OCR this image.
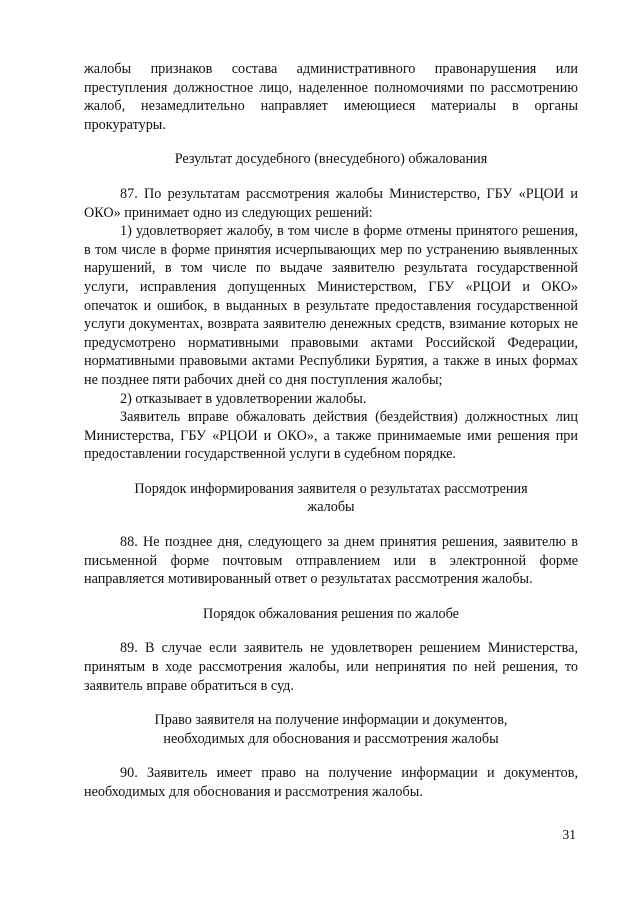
жалобы признаков состава административного правонарушения или преступления должностное лицо, наделенное полномочиями по рассмотрению жалоб, незамедлительно направляет имеющиеся материалы в органы прокуратуры.

Результат досудебного (внесудебного) обжалования

87. По результатам рассмотрения жалобы Министерство, ГБУ «РЦОИ и ОКО» принимает одно из следующих решений:

1) удовлетворяет жалобу, в том числе в форме отмены принятого решения, в том числе в форме принятия исчерпывающих мер по устранению выявленных нарушений, в том числе по выдаче заявителю результата государственной услуги, исправления допущенных Министерством, ГБУ «РЦОИ и ОКО» опечаток и ошибок, в выданных в результате предоставления государственной услуги документах, возврата заявителю денежных средств, взимание которых не предусмотрено нормативными правовыми актами Российской Федерации, нормативными правовыми актами Республики Бурятия, а также в иных формах не позднее пяти рабочих дней со дня поступления жалобы;

2) отказывает в удовлетворении жалобы.

Заявитель вправе обжаловать действия (бездействия) должностных лиц Министерства, ГБУ «РЦОИ и ОКО», а также принимаемые ими решения при предоставлении государственной услуги в судебном порядке.

Порядок информирования заявителя о результатах рассмотрения

жалобы

88. Не позднее дня, следующего за днем принятия решения, заявителю в письменной форме почтовым отправлением или в электронной форме направляется мотивированный ответ о результатах рассмотрения жалобы.

Порядок обжалования решения по жалобе

89. В случае если заявитель не удовлетворен решением Министерства, принятым в ходе рассмотрения жалобы, или непринятия по ней решения, то заявитель вправе обратиться в суд.

Право заявителя на получение информации и документов,

необходимых для обоснования и рассмотрения жалобы

90. Заявитель имеет право на получение информации и документов, необходимых для обоснования и рассмотрения жалобы.

31
